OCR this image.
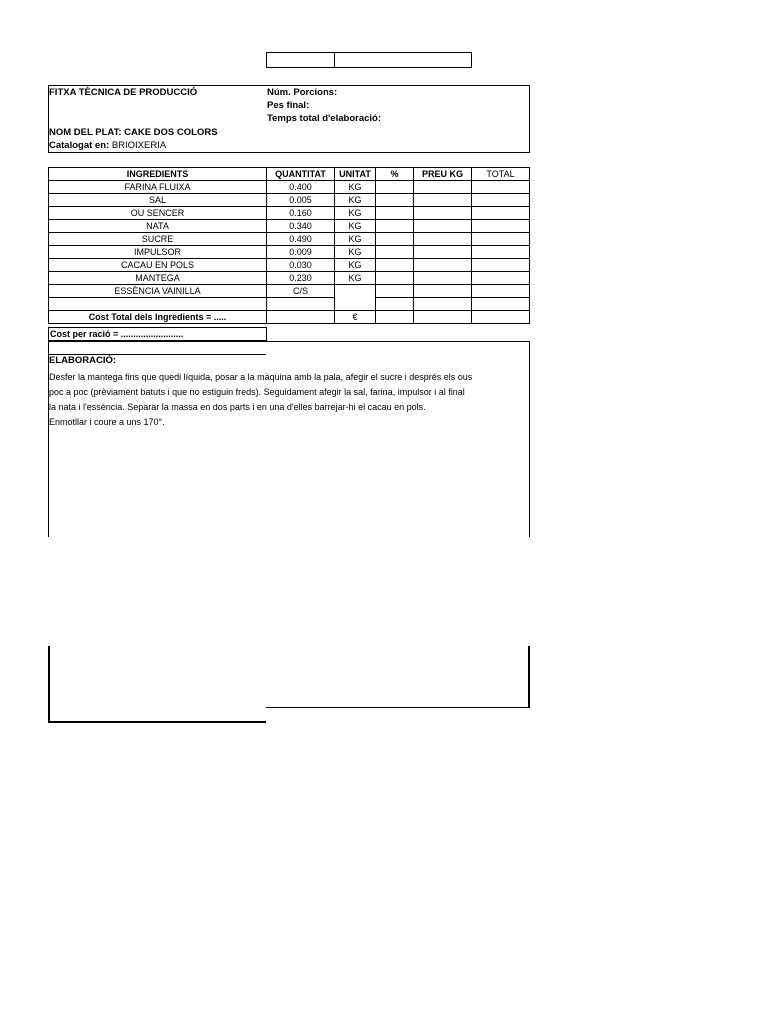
FITXA TÈCNICA DE PRODUCCIÓ	Núm. Porcions:
Pes final:
Temps total d'elaboració:
NOM DEL PLAT: CAKE DOS COLORS
Catalogat en: BRIOIXERIA
INGREDIENTS	QUANTITAT	UNITAT	%	PREU KG	TOTAL
FARINA FLUIXA	0.400	KG			
SAL	0.005	KG			
OU SENCER	0.160	KG			
NATA	0.340	KG			
SUCRE	0.490	KG			
IMPULSOR	0.009	KG			
CACAU EN POLS	0.030	KG			
MANTEGA	0.230	KG			
ESSÈNCIA VAINILLA	C/S				

Cost Total dels Ingredients = .....		€			
Cost per ració = .........................
ELABORACIÓ:
Desfer la mantega fins que quedi líquida, posar a la màquina amb la pala, afegir el sucre i després els ous
poc a poc (prèviament batuts i que no estiguin freds). Seguidament afegir la sal, farina, impulsor i al final
la nata i l'essència. Separar la massa en dos parts i en una d'elles barrejar-hi el cacau en pols.
Enmotllar i coure a uns 170°.
